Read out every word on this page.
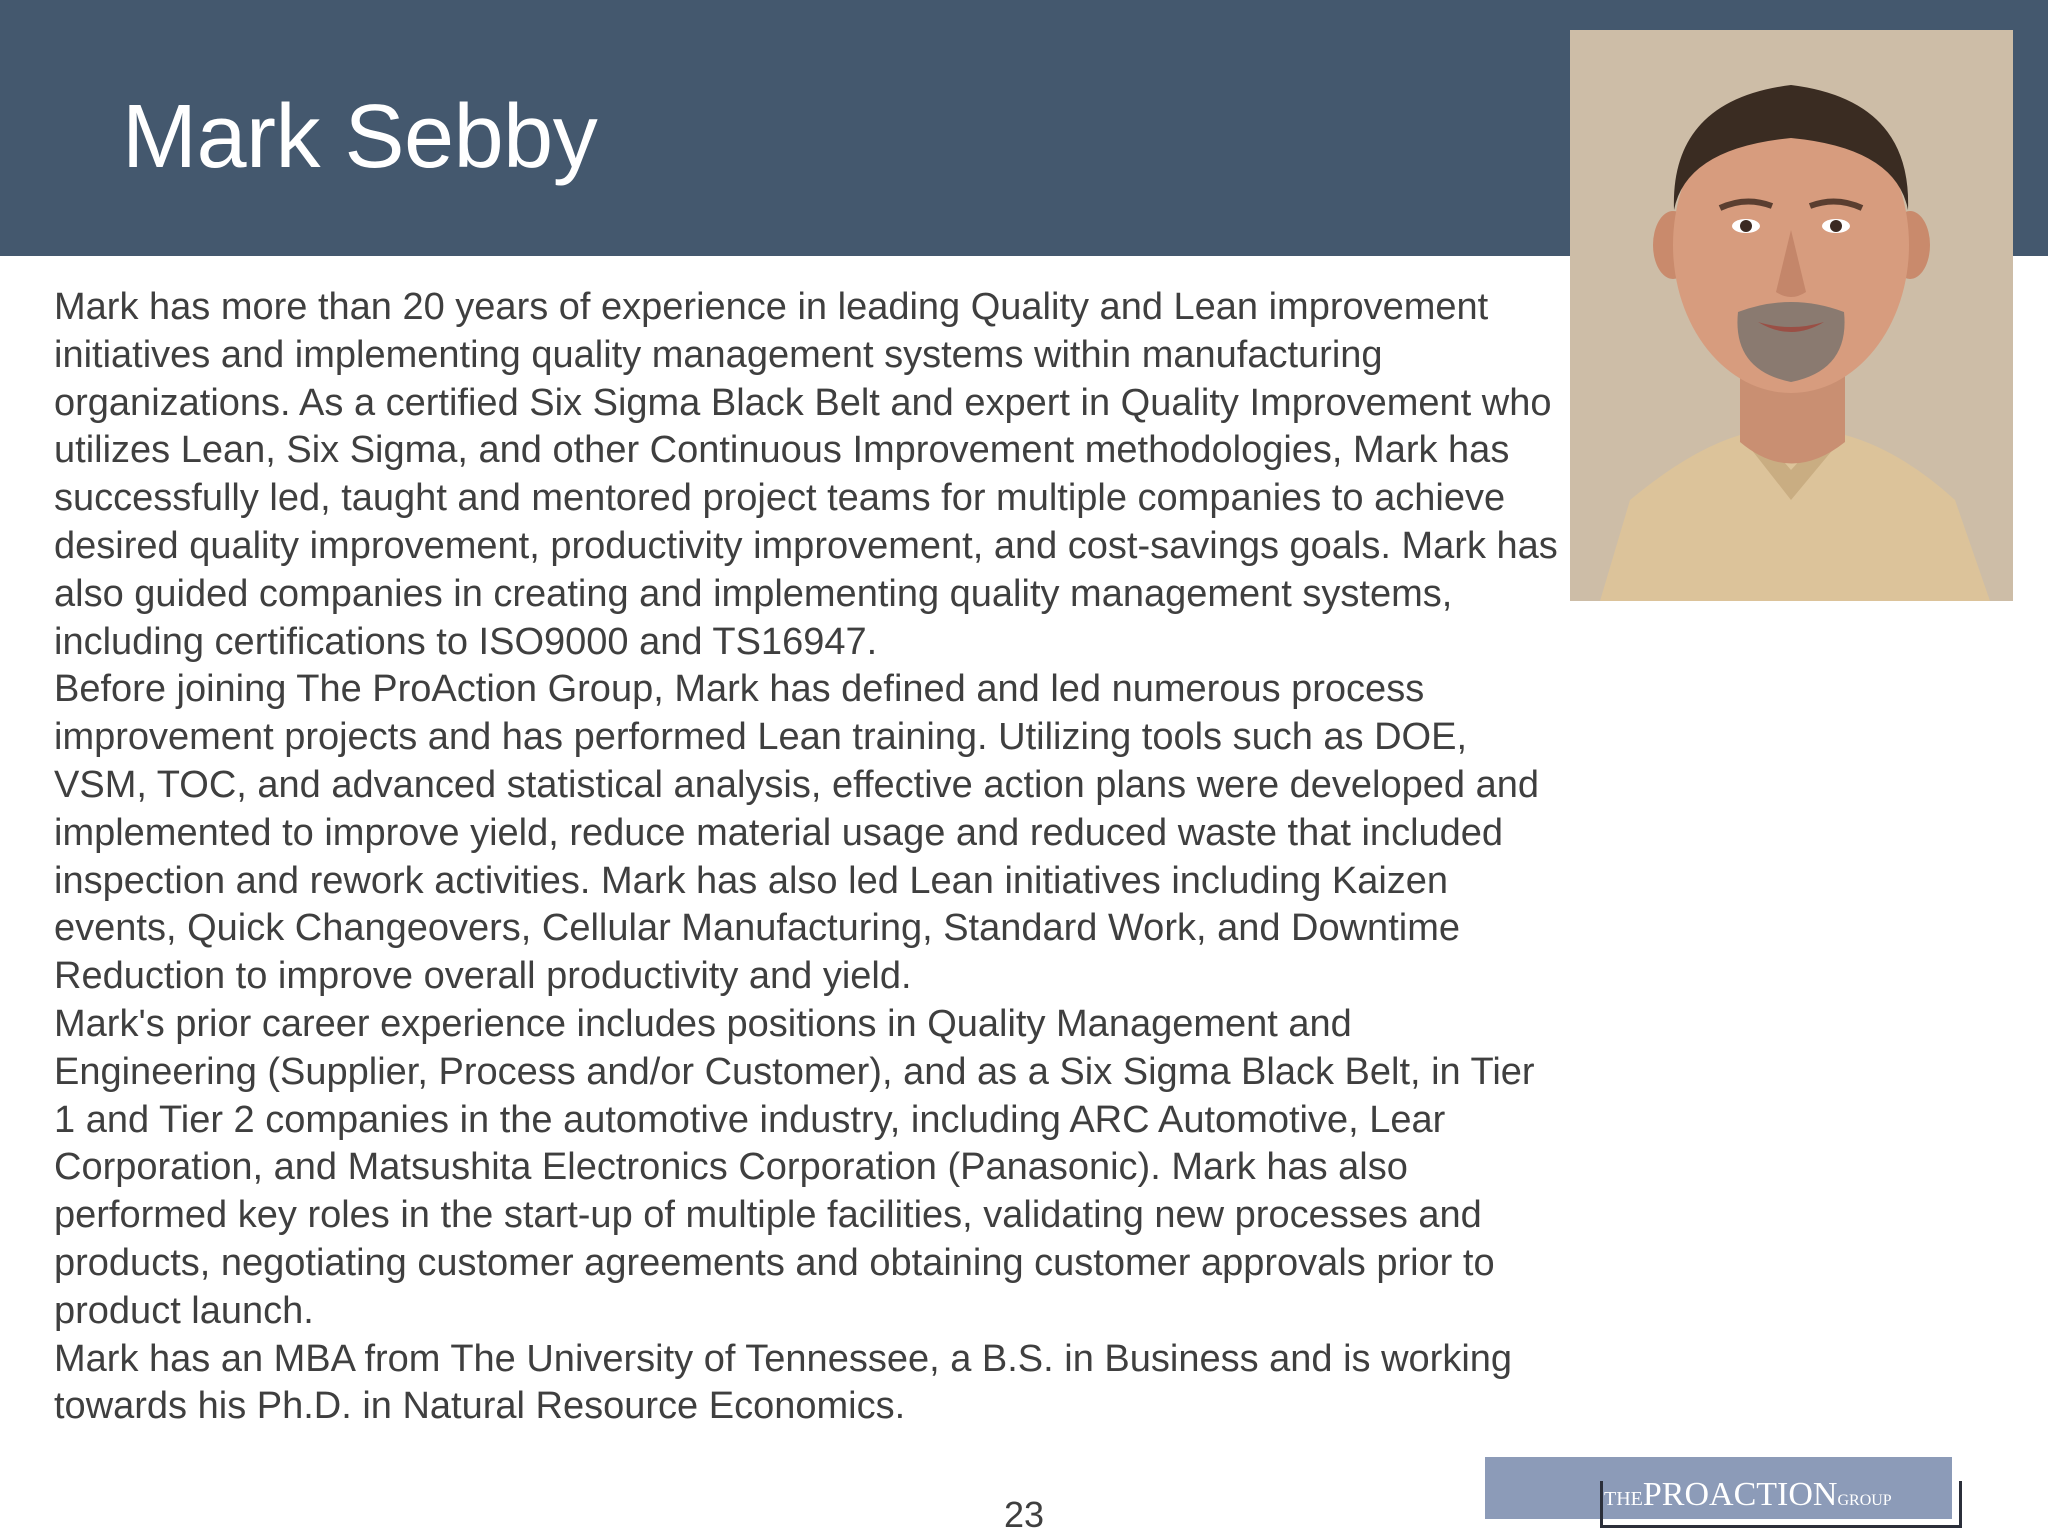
Mark Sebby

Mark has more than 20 years of experience in leading Quality and Lean improvement initiatives and implementing quality management systems within manufacturing organizations. As a certified Six Sigma Black Belt and expert in Quality Improvement who utilizes Lean, Six Sigma, and other Continuous Improvement methodologies, Mark has successfully led, taught and mentored project teams for multiple companies to achieve desired quality improvement, productivity improvement, and cost-savings goals. Mark has also guided companies in creating and implementing quality management systems, including certifications to ISO9000 and TS16947.

Before joining The ProAction Group, Mark has defined and led numerous process improvement projects and has performed Lean training. Utilizing tools such as DOE, VSM, TOC, and advanced statistical analysis, effective action plans were developed and implemented to improve yield, reduce material usage and reduced waste that included inspection and rework activities. Mark has also led Lean initiatives including Kaizen events, Quick Changeovers, Cellular Manufacturing, Standard Work, and Downtime Reduction to improve overall productivity and yield.

Mark's prior career experience includes positions in Quality Management and Engineering (Supplier, Process and/or Customer), and as a Six Sigma Black Belt, in Tier 1 and Tier 2 companies in the automotive industry, including ARC Automotive, Lear Corporation, and Matsushita Electronics Corporation (Panasonic). Mark has also performed key roles in the start-up of multiple facilities, validating new processes and products, negotiating customer agreements and obtaining customer approvals prior to product launch.

Mark has an MBA from The University of Tennessee, a B.S. in Business and is working towards his Ph.D. in Natural Resource Economics.

THE PROACTION GROUP
23
